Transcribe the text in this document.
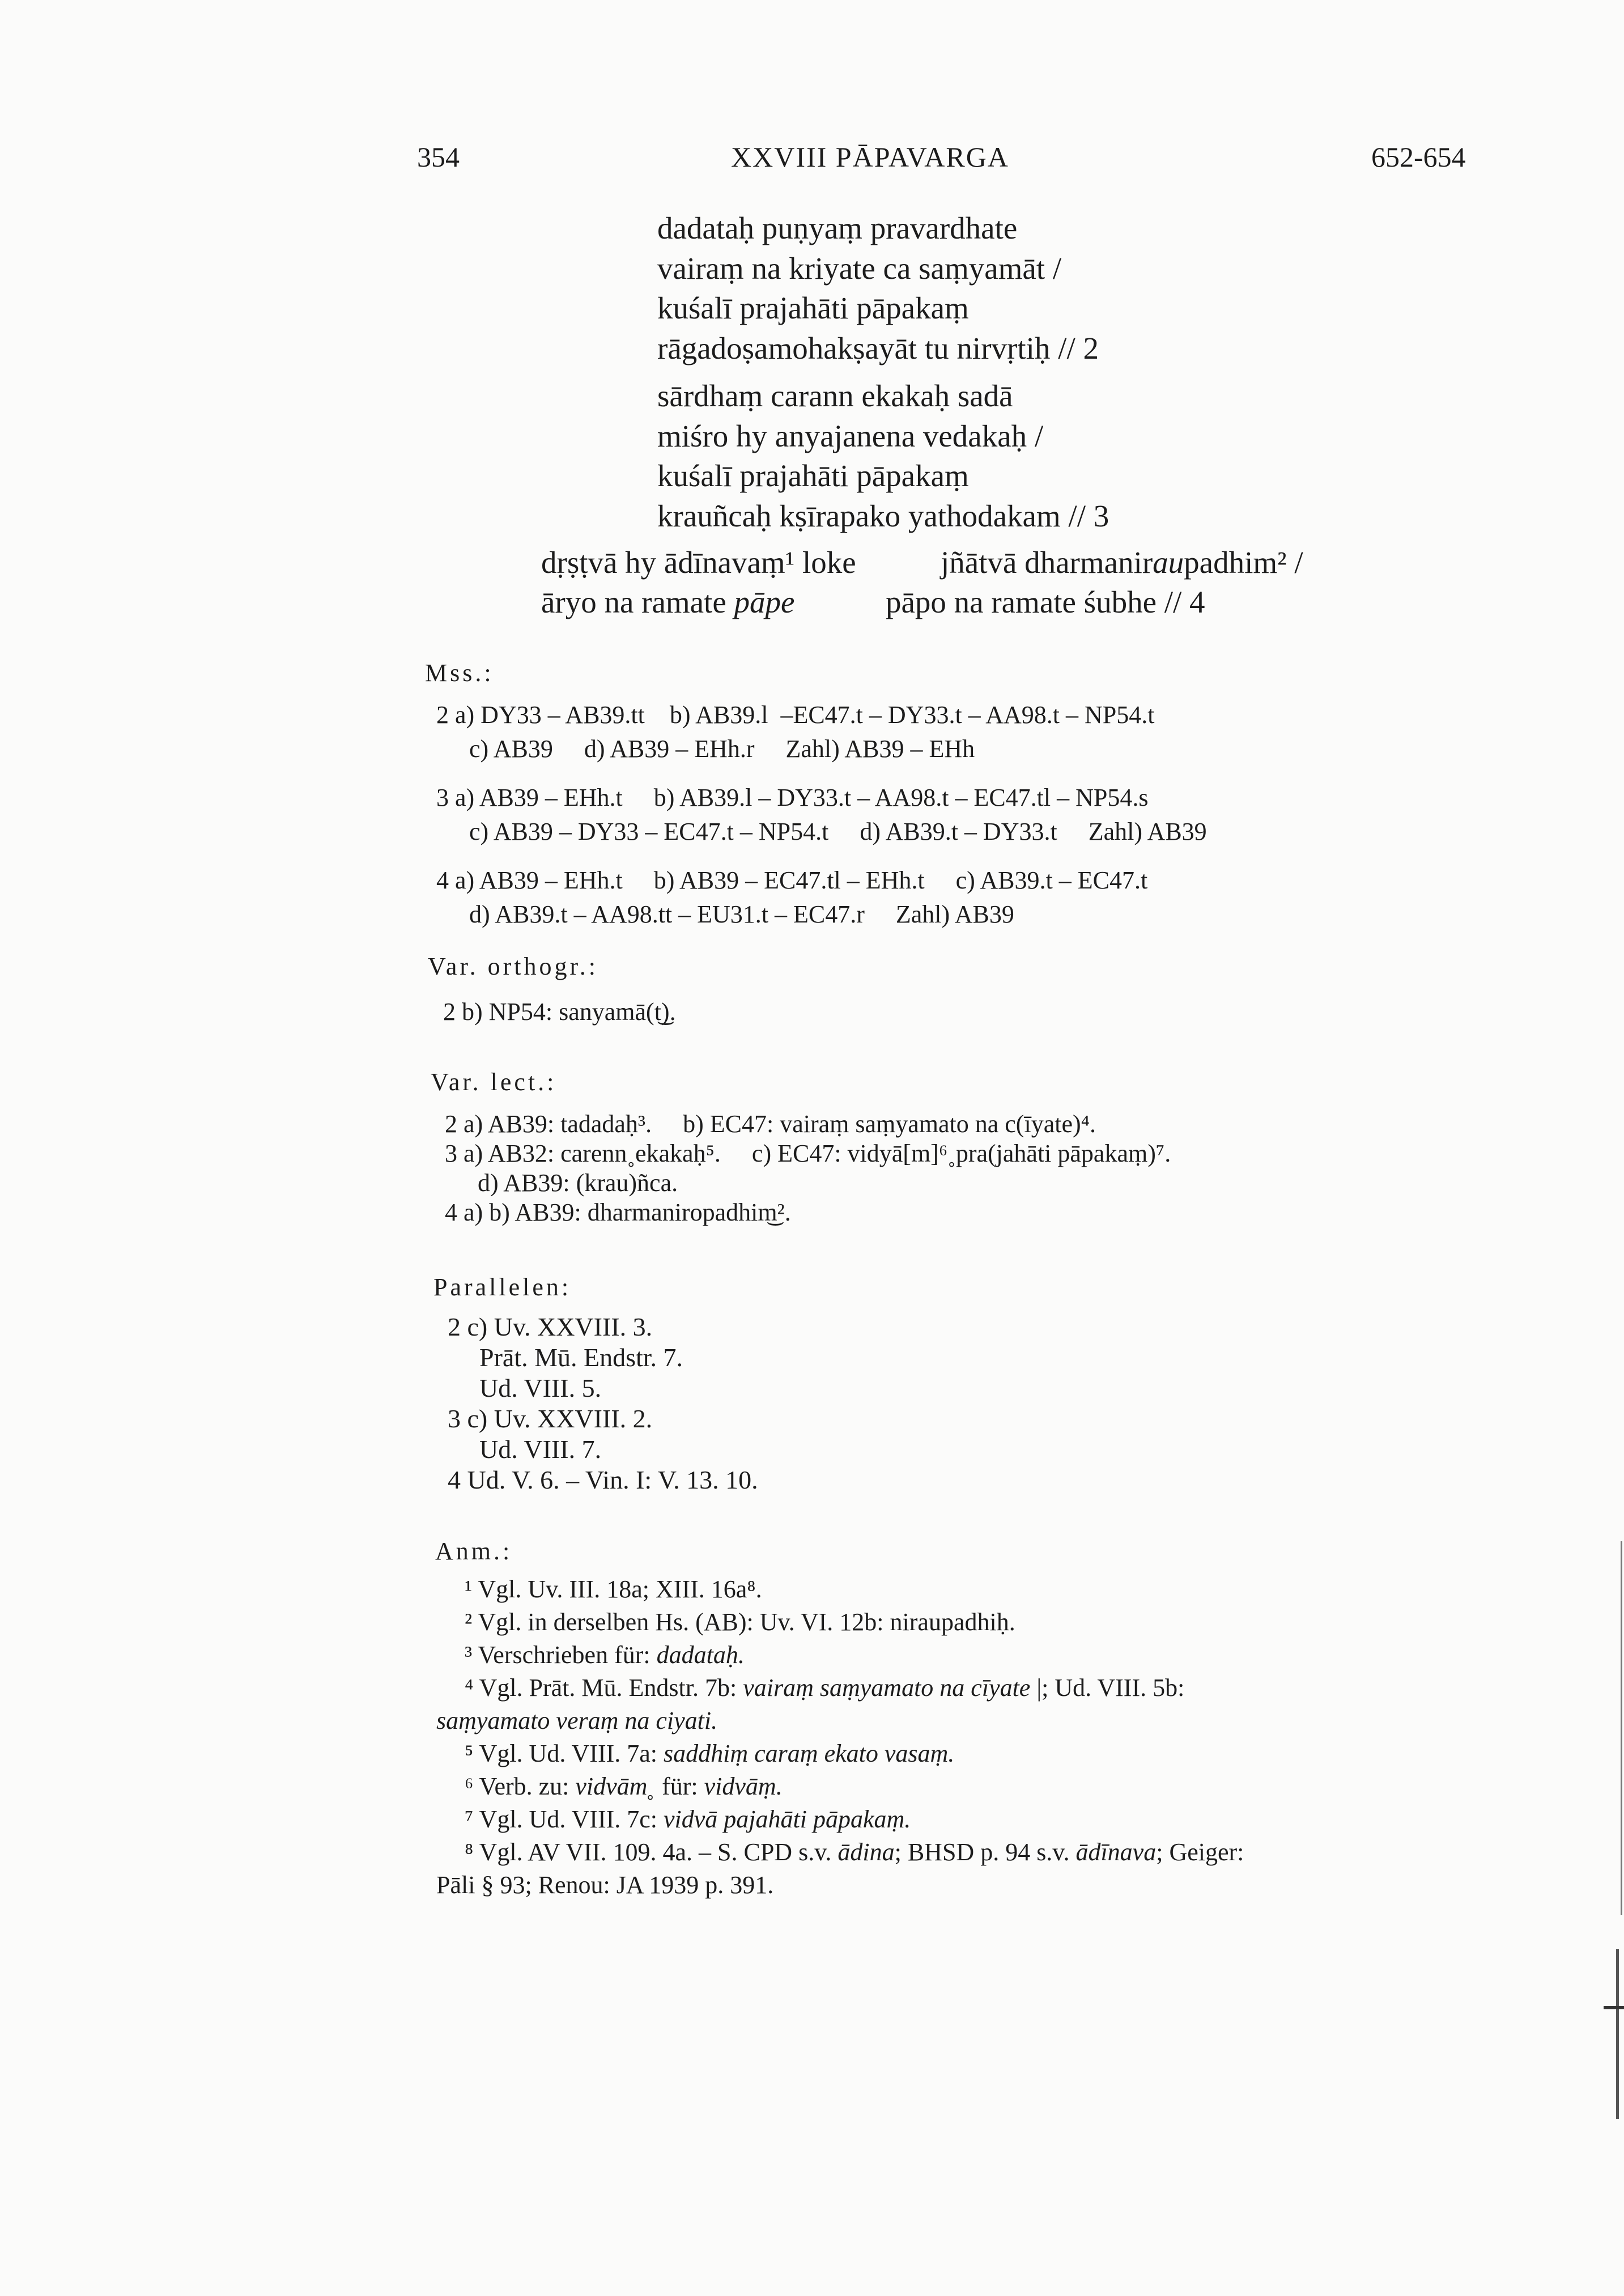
354	XXVIII PĀPAVARGA	652-654
dadataḥ puṇyaṃ pravardhate
vairaṃ na kriyate ca saṃyamāt /
kuśalī prajahāti pāpakaṃ
rāgadoṣamohakṣayāt tu nirvṛtiḥ // 2
sārdhaṃ carann ekakaḥ sadā
miśro hy anyajanena vedakaḥ /
kuśalī prajahāti pāpakaṃ
krauñcaḥ kṣīrapako yathodakam // 3
dṛṣṭvā hy ādīnavaṃ¹ loke	jñātvā dharmaniraupadhim² /
āryo na ramate pāpe	pāpo na ramate śubhe // 4
Mss.:
2 a) DY33 – AB39.tt    b) AB39.l  –EC47.t – DY33.t – AA98.t – NP54.t
c) AB39     d) AB39 – EHh.r     Zahl) AB39 – EHh
3 a) AB39 – EHh.t     b) AB39.l – DY33.t – AA98.t – EC47.tl – NP54.s
c) AB39 – DY33 – EC47.t – NP54.t     d) AB39.t – DY33.t     Zahl) AB39
4 a) AB39 – EHh.t     b) AB39 – EC47.tl – EHh.t     c) AB39.t – EC47.t
d) AB39.t – AA98.tt – EU31.t – EC47.r     Zahl) AB39
Var. orthogr.:
2 b) NP54: sanyamā(t͜).
Var. lect.:
2 a) AB39: tadadaḥ³.     b) EC47: vairaṃ saṃyamato na c(īyate)⁴.
3 a) AB32: carenn˳ekakaḥ⁵.     c) EC47: vidyā[m]⁶˳pra(jahāti pāpakaṃ)⁷.
d) AB39: (krau)ñca.
4 a) b) AB39: dharmaniropadhim͜².
Parallelen:
2 c) Uv. XXVIII. 3.
Prāt. Mū. Endstr. 7.
Ud. VIII. 5.
3 c) Uv. XXVIII. 2.
Ud. VIII. 7.
4 Ud. V. 6. – Vin. I: V. 13. 10.
Anm.:
¹ Vgl. Uv. III. 18a; XIII. 16a⁸.
² Vgl. in derselben Hs. (AB): Uv. VI. 12b: niraupadhiḥ.
³ Verschrieben für: dadataḥ.
⁴ Vgl. Prāt. Mū. Endstr. 7b: vairaṃ saṃyamato na cīyate |; Ud. VIII. 5b:
saṃyamato veraṃ na ciyati.
⁵ Vgl. Ud. VIII. 7a: saddhiṃ caraṃ ekato vasaṃ.
⁶ Verb. zu: vidvām˳ für: vidvāṃ.
⁷ Vgl. Ud. VIII. 7c: vidvā pajahāti pāpakaṃ.
⁸ Vgl. AV VII. 109. 4a. – S. CPD s.v. ādina; BHSD p. 94 s.v. ādīnava; Geiger:
Pāli § 93; Renou: JA 1939 p. 391.
